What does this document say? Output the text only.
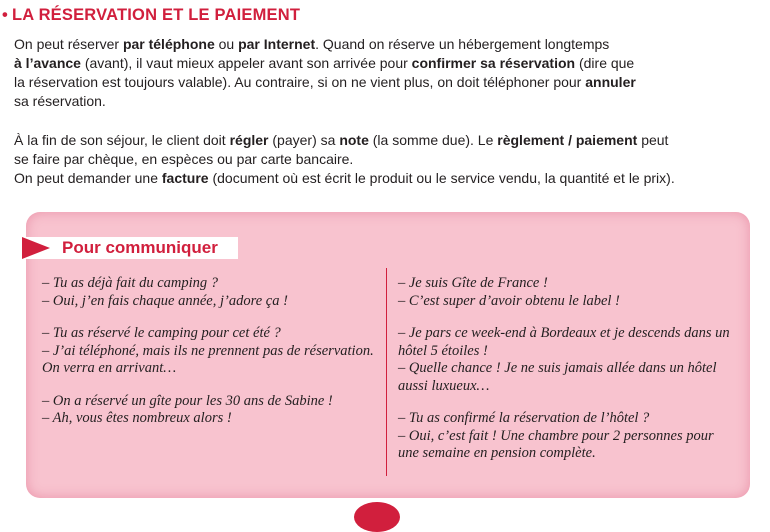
• LA RÉSERVATION ET LE PAIEMENT

On peut réserver par téléphone ou par Internet. Quand on réserve un hébergement longtemps
à l’avance (avant), il vaut mieux appeler avant son arrivée pour confirmer sa réservation (dire que
la réservation est toujours valable). Au contraire, si on ne vient plus, on doit téléphoner pour annuler
sa réservation.

À la fin de son séjour, le client doit régler (payer) sa note (la somme due). Le règlement / paiement peut
se faire par chèque, en espèces ou par carte bancaire.
On peut demander une facture (document où est écrit le produit ou le service vendu, la quantité et le prix).

Pour communiquer
– Tu as déjà fait du camping ?
– Oui, j’en fais chaque année, j’adore ça !
– Tu as réservé le camping pour cet été ?
– J’ai téléphoné, mais ils ne prennent pas de réservation. On verra en arrivant…
– On a réservé un gîte pour les 30 ans de Sabine !
– Ah, vous êtes nombreux alors !
– Je suis Gîte de France !
– C’est super d’avoir obtenu le label !
– Je pars ce week-end à Bordeaux et je descends dans un hôtel 5 étoiles !
– Quelle chance ! Je ne suis jamais allée dans un hôtel aussi luxueux…
– Tu as confirmé la réservation de l’hôtel ?
– Oui, c’est fait ! Une chambre pour 2 personnes pour une semaine en pension complète.
